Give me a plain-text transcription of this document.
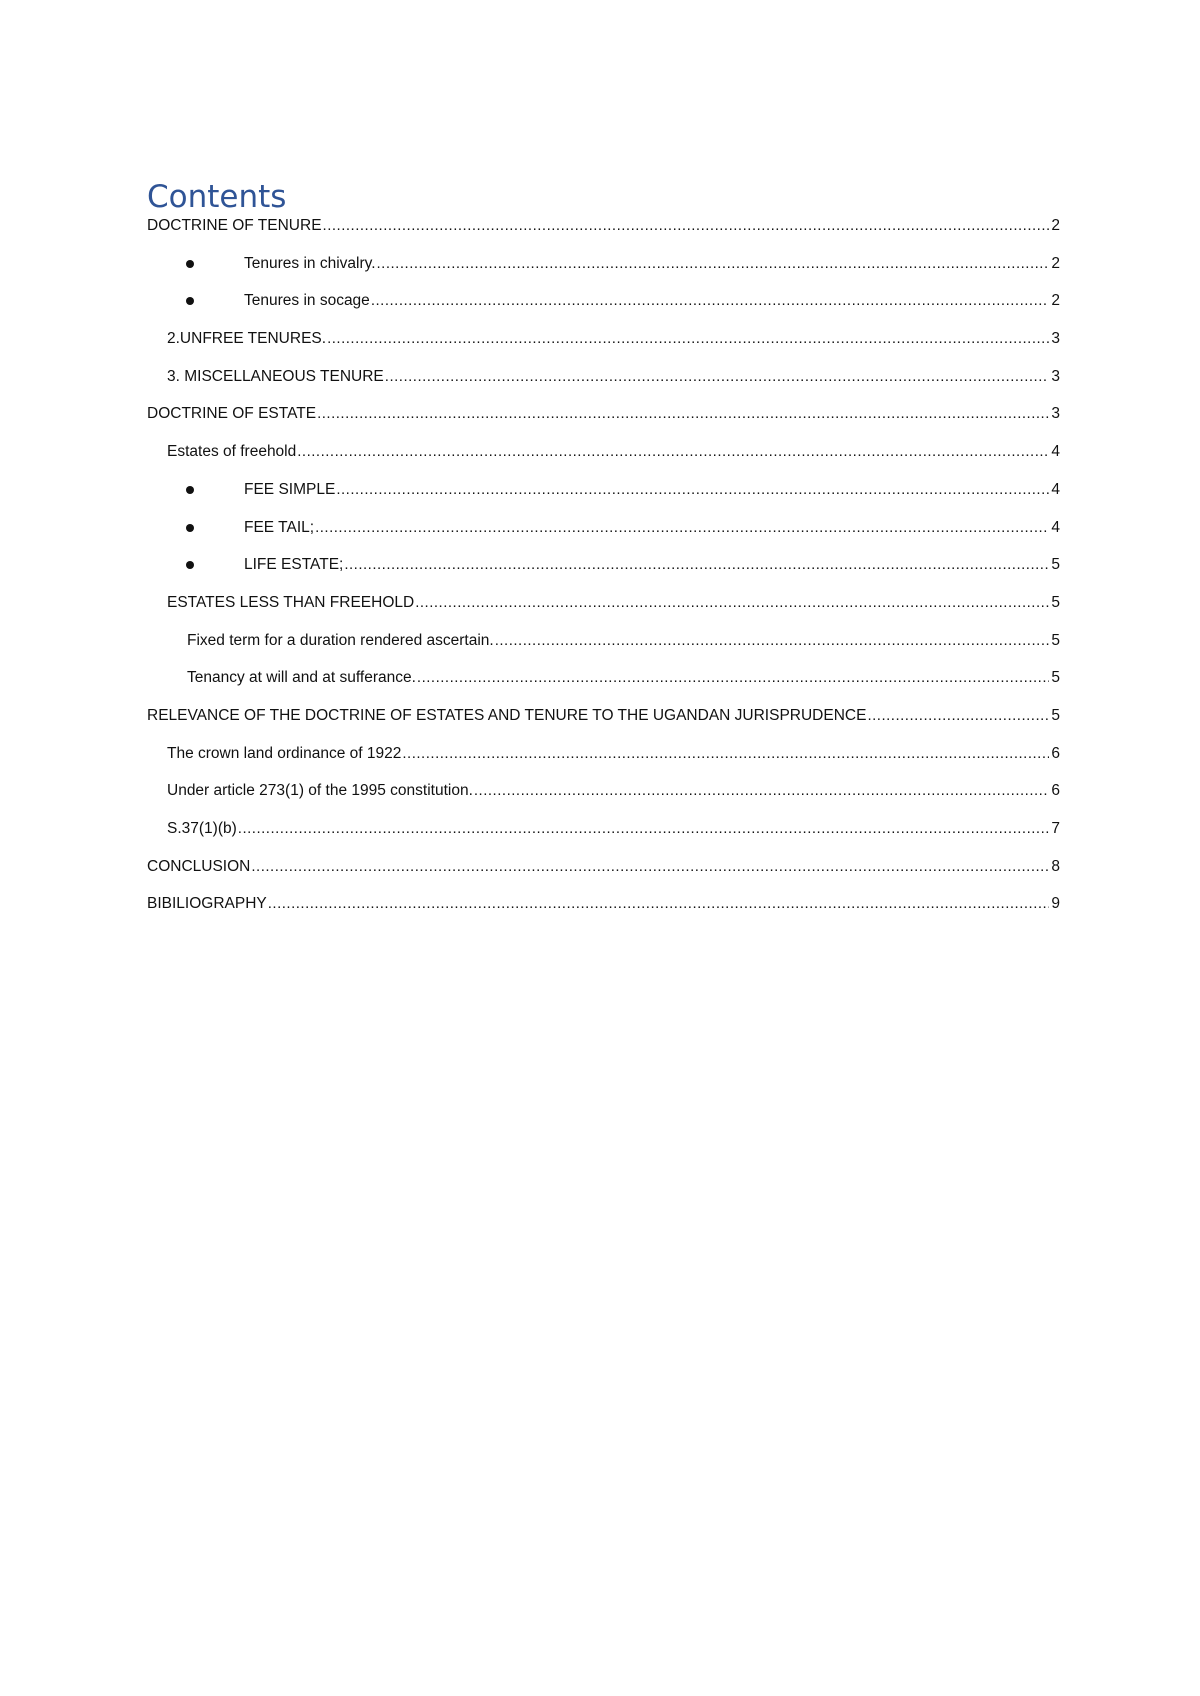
Contents
DOCTRINE OF TENURE .....	2
Tenures in chivalry. .....	2
Tenures in socage .....	2
2.UNFREE TENURES. .....	3
3. MISCELLANEOUS TENURE .....	3
DOCTRINE OF ESTATE .....	3
Estates of freehold .....	4
FEE SIMPLE .....	4
FEE TAIL; .....	4
LIFE ESTATE; .....	5
ESTATES LESS THAN FREEHOLD .....	5
Fixed term for a duration rendered ascertain. .....	5
Tenancy at will and at sufferance. .....	5
RELEVANCE OF THE DOCTRINE OF ESTATES AND TENURE TO THE UGANDAN JURISPRUDENCE .....	5
The crown land ordinance of 1922 .....	6
Under article 273(1) of the 1995 constitution. .....	6
S.37(1)(b) .....	7
CONCLUSION .....	8
BIBILIOGRAPHY .....	9
